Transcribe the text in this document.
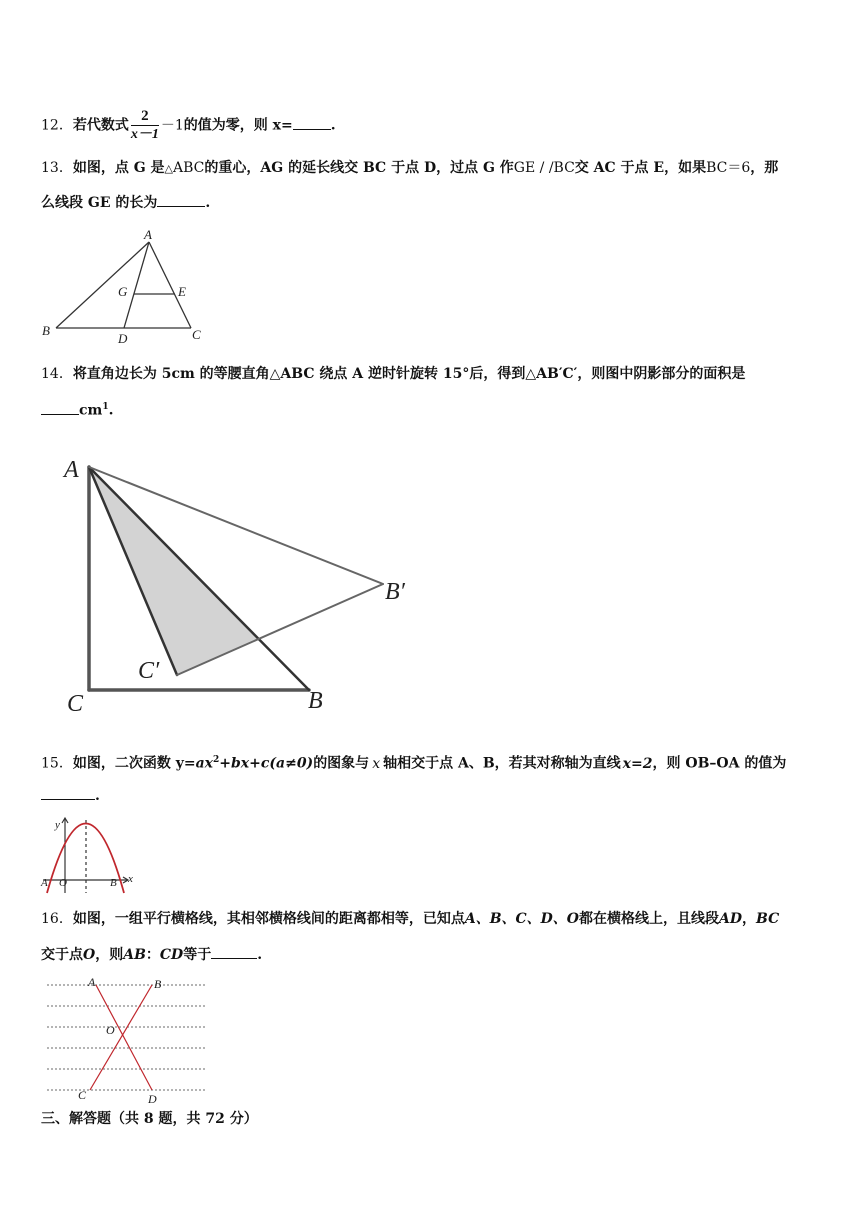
12．若代数式 $\frac{2}{x-1} -1$的值为零，则 x=	.
13．如图，点 G 是△ABC的重心，AG 的延长线交 BC 于点 D，过点 G 作GE / /BC交 AC 于点 E，如果BC＝6，那
么线段 GE 的长为	.
A
G	E
B
D	C
14．将直角边长为 5cm 的等腰直角△ABC 绕点 A 逆时针旋转 15°后，得到△AB′C′，则图中阴影部分的面积是
$cm^1$.
A
B′
C′
C	B
15．如图，二次函数 $y=ax^2+bx+c(a\ne 0)$的图象与 x 轴相交于点 A、B，若其对称轴为直线 x=2，则 OB–OA 的值为
.
y
A O	B x
16．如图，一组平行横格线，其相邻横格线间的距离都相等，已知点A、B、C、D、O都在横格线上，且线段AD，BC
交于点O，则AB：CD等于	.
A	B
O
C	D
三、解答题（共 8 题，共 72 分）
